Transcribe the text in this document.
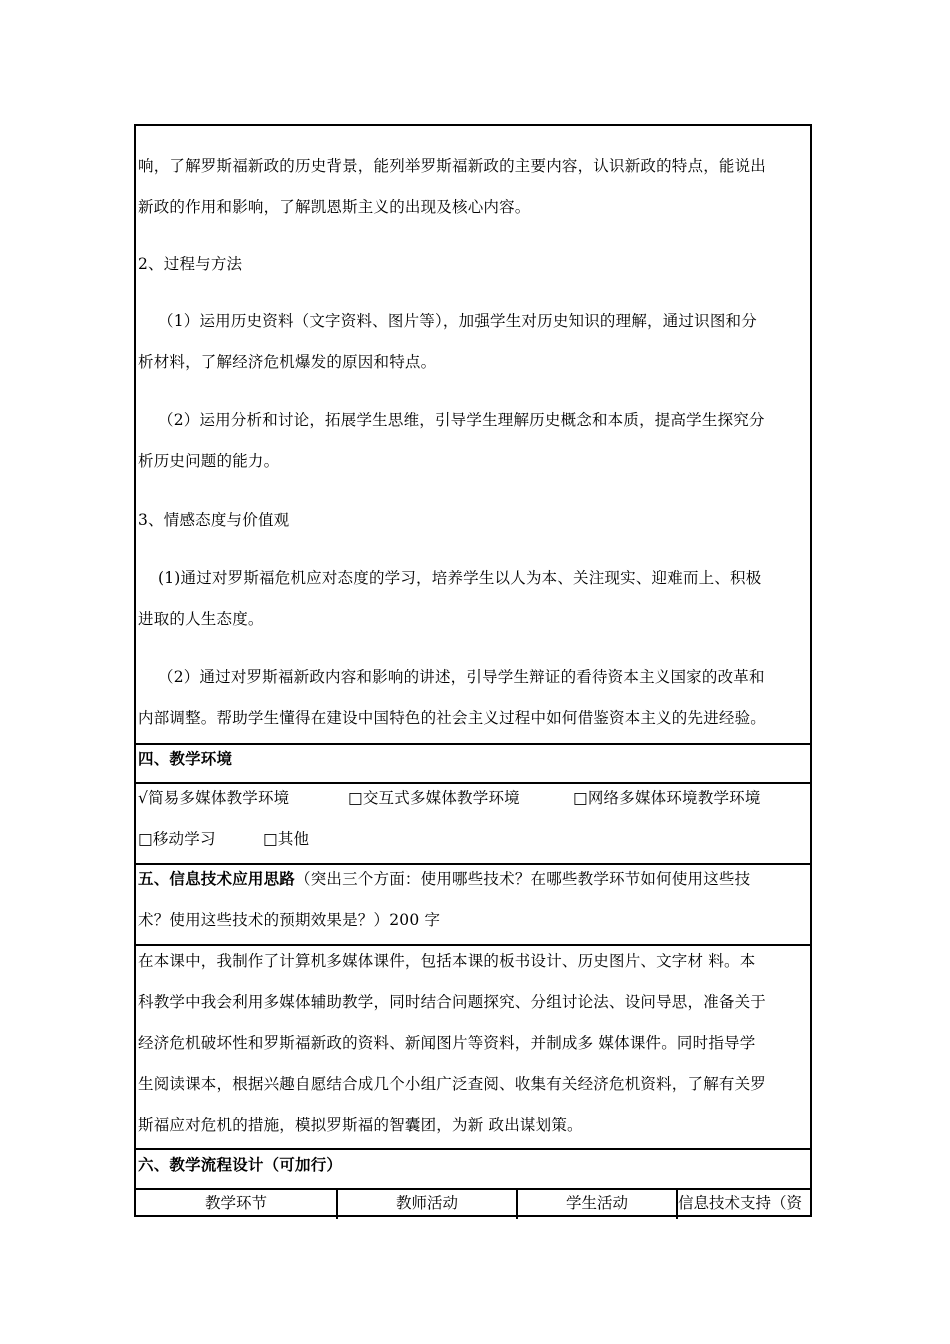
响，了解罗斯福新政的历史背景，能列举罗斯福新政的主要内容，认识新政的特点，能说出
新政的作用和影响，了解凯恩斯主义的出现及核心内容。
2、过程与方法
（1）运用历史资料（文字资料、图片等），加强学生对历史知识的理解，通过识图和分
析材料，了解经济危机爆发的原因和特点。
（2）运用分析和讨论，拓展学生思维，引导学生理解历史概念和本质，提高学生探究分
析历史问题的能力。
3、情感态度与价值观
(1)通过对罗斯福危机应对态度的学习，培养学生以人为本、关注现实、迎难而上、积极
进取的人生态度。
（2）通过对罗斯福新政内容和影响的讲述，引导学生辩证的看待资本主义国家的改革和
内部调整。帮助学生懂得在建设中国特色的社会主义过程中如何借鉴资本主义的先进经验。
四、教学环境
√简易多媒体教学环境	□交互式多媒体教学环境	□网络多媒体环境教学环境
□移动学习	□其他
五、信息技术应用思路（突出三个方面：使用哪些技术？在哪些教学环节如何使用这些技
术？使用这些技术的预期效果是？）200 字
在本课中，我制作了计算机多媒体课件，包括本课的板书设计、历史图片、文字材 料。本
科教学中我会利用多媒体辅助教学，同时结合问题探究、分组讨论法、设问导思，准备关于
经济危机破坏性和罗斯福新政的资料、新闻图片等资料，并制成多 媒体课件。同时指导学
生阅读课本，根据兴趣自愿结合成几个小组广泛查阅、收集有关经济危机资料，了解有关罗
斯福应对危机的措施，模拟罗斯福的智囊团，为新 政出谋划策。
六、教学流程设计（可加行）
教学环节	教师活动	学生活动	信息技术支持（资
